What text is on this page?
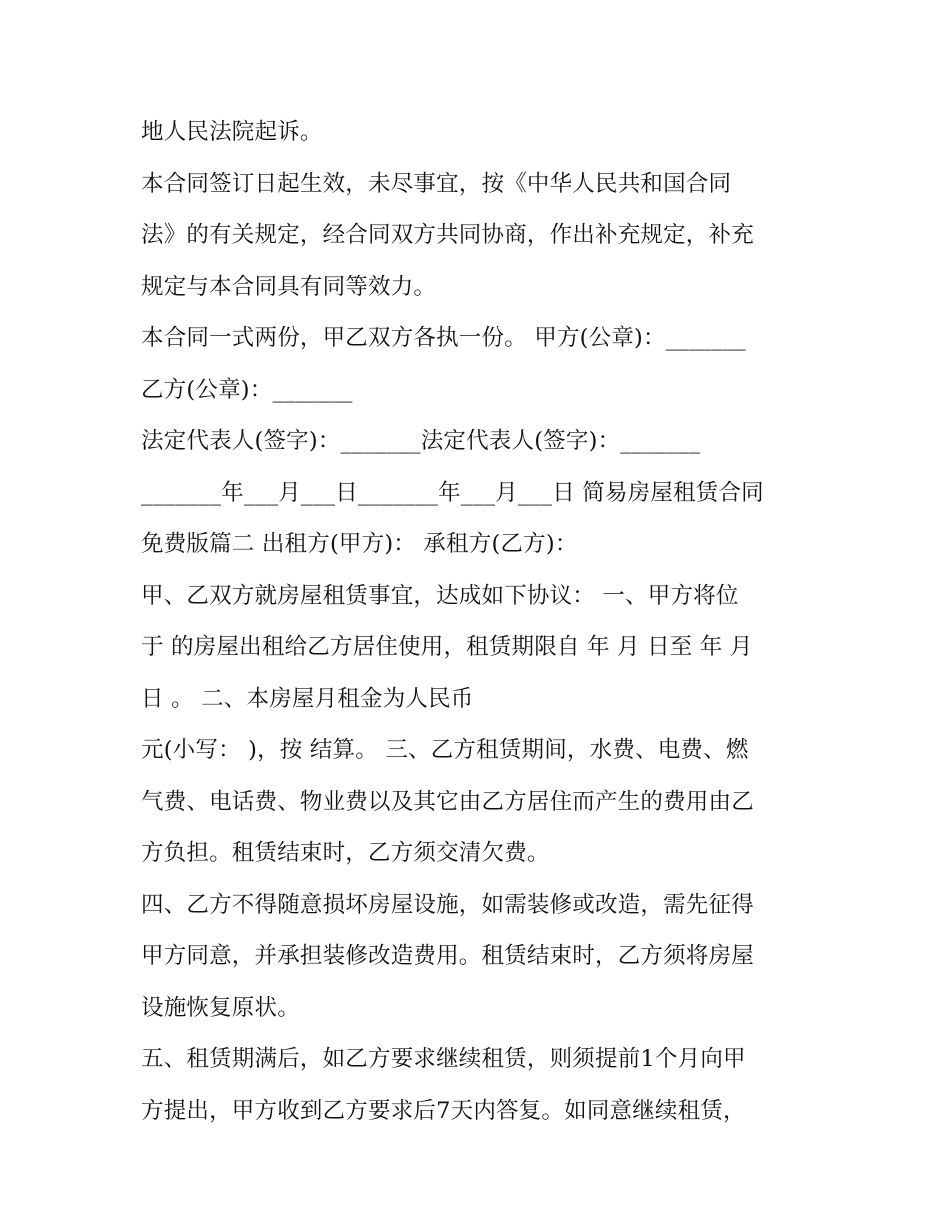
地人民法院起诉。
本合同签订日起生效，未尽事宜，按《中华人民共和国合同
法》的有关规定，经合同双方共同协商，作出补充规定，补充
规定与本合同具有同等效力。
本合同一式两份，甲乙双方各执一份。 甲方(公章)：_______
乙方(公章)：_______
法定代表人(签字)：_______法定代表人(签字)：_______
_______年___月___日_______年___月___日 简易房屋租赁合同
免费版篇二 出租方(甲方)： 承租方(乙方)：
甲、乙双方就房屋租赁事宜，达成如下协议： 一、甲方将位
于 的房屋出租给乙方居住使用，租赁期限自 年 月 日至 年 月
日 。 二、本房屋月租金为人民币
元(小写： )，按 结算。 三、乙方租赁期间，水费、电费、燃
气费、电话费、物业费以及其它由乙方居住而产生的费用由乙
方负担。租赁结束时，乙方须交清欠费。
四、乙方不得随意损坏房屋设施，如需装修或改造，需先征得
甲方同意，并承担装修改造费用。租赁结束时，乙方须将房屋
设施恢复原状。
五、租赁期满后，如乙方要求继续租赁，则须提前1个月向甲
方提出，甲方收到乙方要求后7天内答复。如同意继续租赁，
